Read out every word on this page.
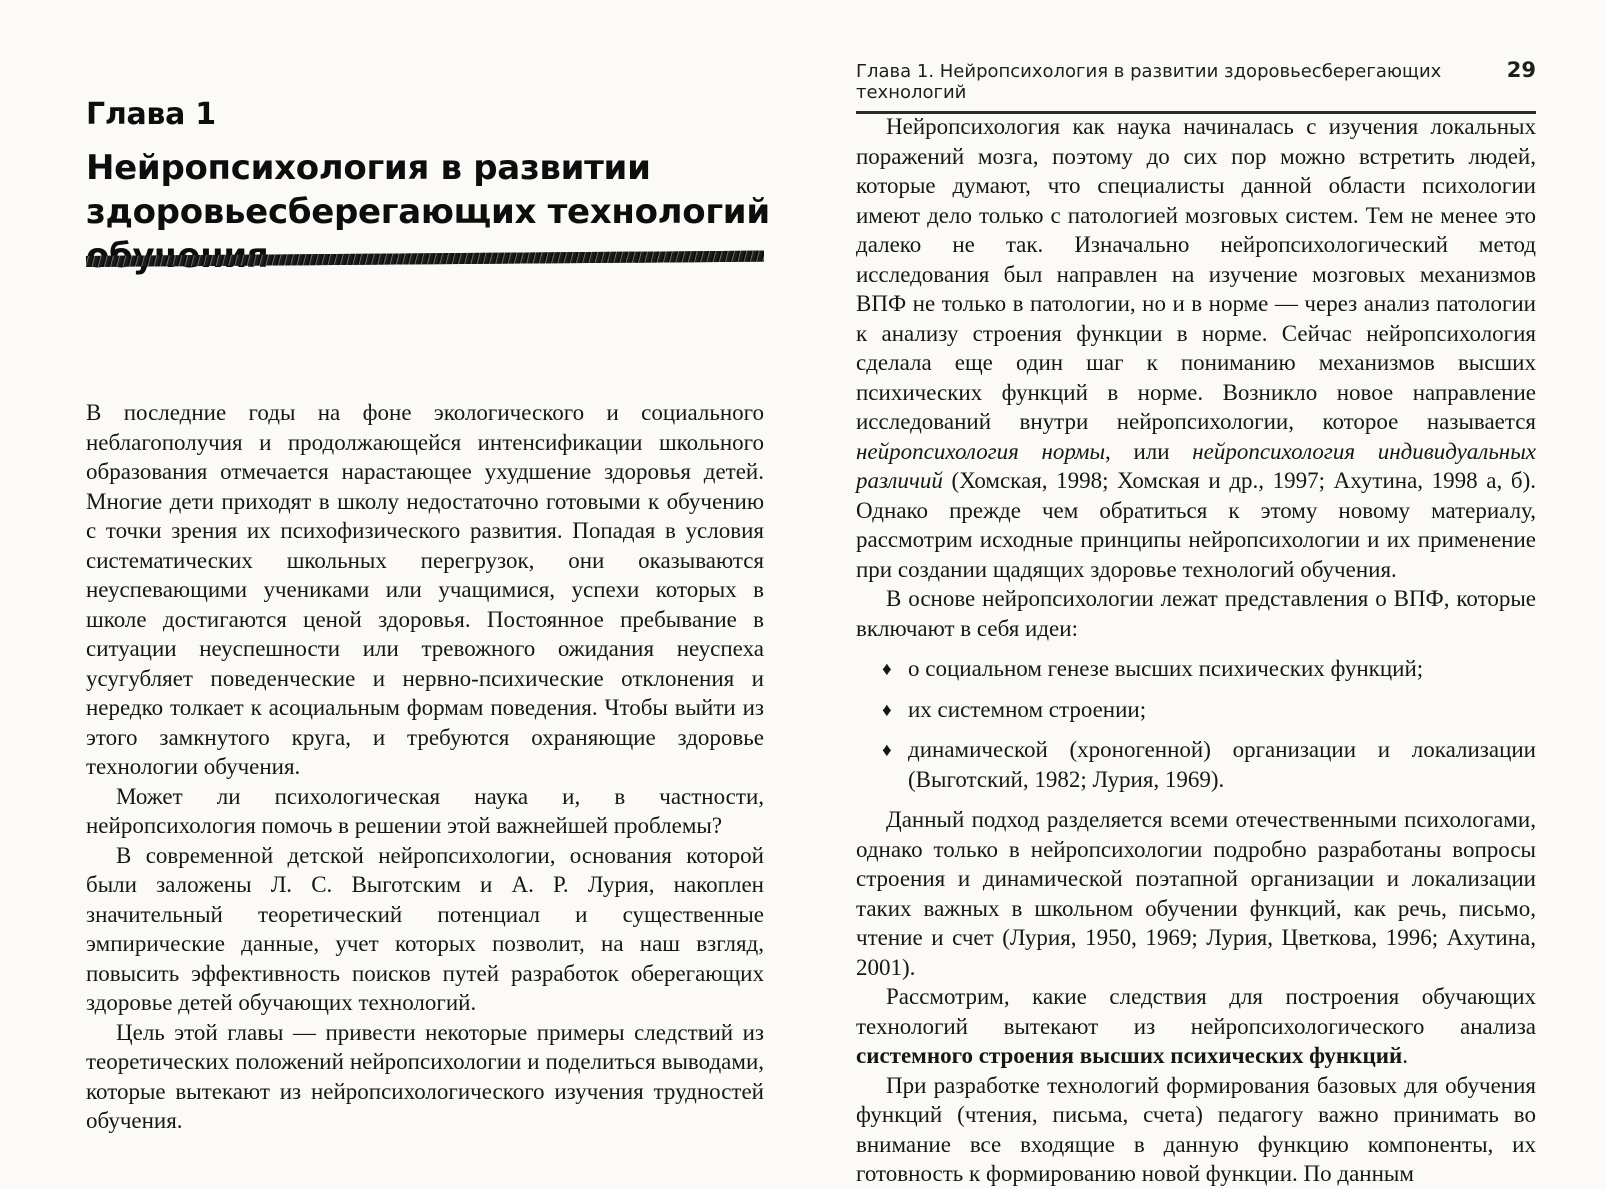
Глава 1
Нейропсихология в развитии
здоровьесберегающих технологий

В последние годы на фоне экологического и социального неблагополучия и продолжающейся интенсификации школьного образования отмечается нарастающее ухудшение здоровья детей. Многие дети приходят в школу недостаточно готовыми к обучению с точки зрения их психофизического развития. Попадая в условия систематических школьных перегрузок, они оказываются неуспевающими учениками или учащимися, успехи которых в школе достигаются ценой здоровья. Постоянное пребывание в ситуации неуспешности или тревожного ожидания неуспеха усугубляет поведенческие и нервно-психические отклонения и нередко толкает к асоциальным формам поведения. Чтобы выйти из этого замкнутого круга, и требуются охраняющие здоровье технологии обучения.

Может ли психологическая наука и, в частности, нейропсихология помочь в решении этой важнейшей проблемы?

В современной детской нейропсихологии, основания которой были заложены Л. С. Выготским и А. Р. Лурия, накоплен значительный теоретический потенциал и существенные эмпирические данные, учет которых позволит, на наш взгляд, повысить эффективность поисков путей разработок оберегающих здоровье детей обучающих технологий.

Цель этой главы — привести некоторые примеры следствий из теоретических положений нейропсихологии и поделиться выводами, которые вытекают из нейропсихологического изучения трудностей обучения.

Глава 1. Нейропсихология в развитии здоровьесберегающих технологий
29

Нейропсихология как наука начиналась с изучения локальных поражений мозга, поэтому до сих пор можно встретить людей, которые думают, что специалисты данной области психологии имеют дело только с патологией мозговых систем. Тем не менее это далеко не так. Изначально нейропсихологический метод исследования был направлен на изучение мозговых механизмов ВПФ не только в патологии, но и в норме — через анализ патологии к анализу строения функции в норме. Сейчас нейропсихология сделала еще один шаг к пониманию механизмов высших психических функций в норме. Возникло новое направление исследований внутри нейропсихологии, которое называется нейропсихология нормы, или нейропсихология индивидуальных различий (Хомская, 1998; Хомская и др., 1997; Ахутина, 1998 а, б). Однако прежде чем обратиться к этому новому материалу, рассмотрим исходные принципы нейропсихологии и их применение при создании щадящих здоровье технологий обучения.

В основе нейропсихологии лежат представления о ВПФ, которые включают в себя идеи:

♦ о социальном генезе высших психических функций;
♦ их системном строении;
♦ динамической (хроногенной) организации и локализации (Выготский, 1982; Лурия, 1969).

Данный подход разделяется всеми отечественными психологами, однако только в нейропсихологии подробно разработаны вопросы строения и динамической поэтапной организации и локализации таких важных в школьном обучении функций, как речь, письмо, чтение и счет (Лурия, 1950, 1969; Лурия, Цветкова, 1996; Ахутина, 2001).

Рассмотрим, какие следствия для построения обучающих технологий вытекают из нейропсихологического анализа системного строения высших психических функций.

При разработке технологий формирования базовых для обучения функций (чтения, письма, счета) педагогу важно принимать во внимание все входящие в данную функцию компоненты, их готовность к формированию новой функции. По данным
